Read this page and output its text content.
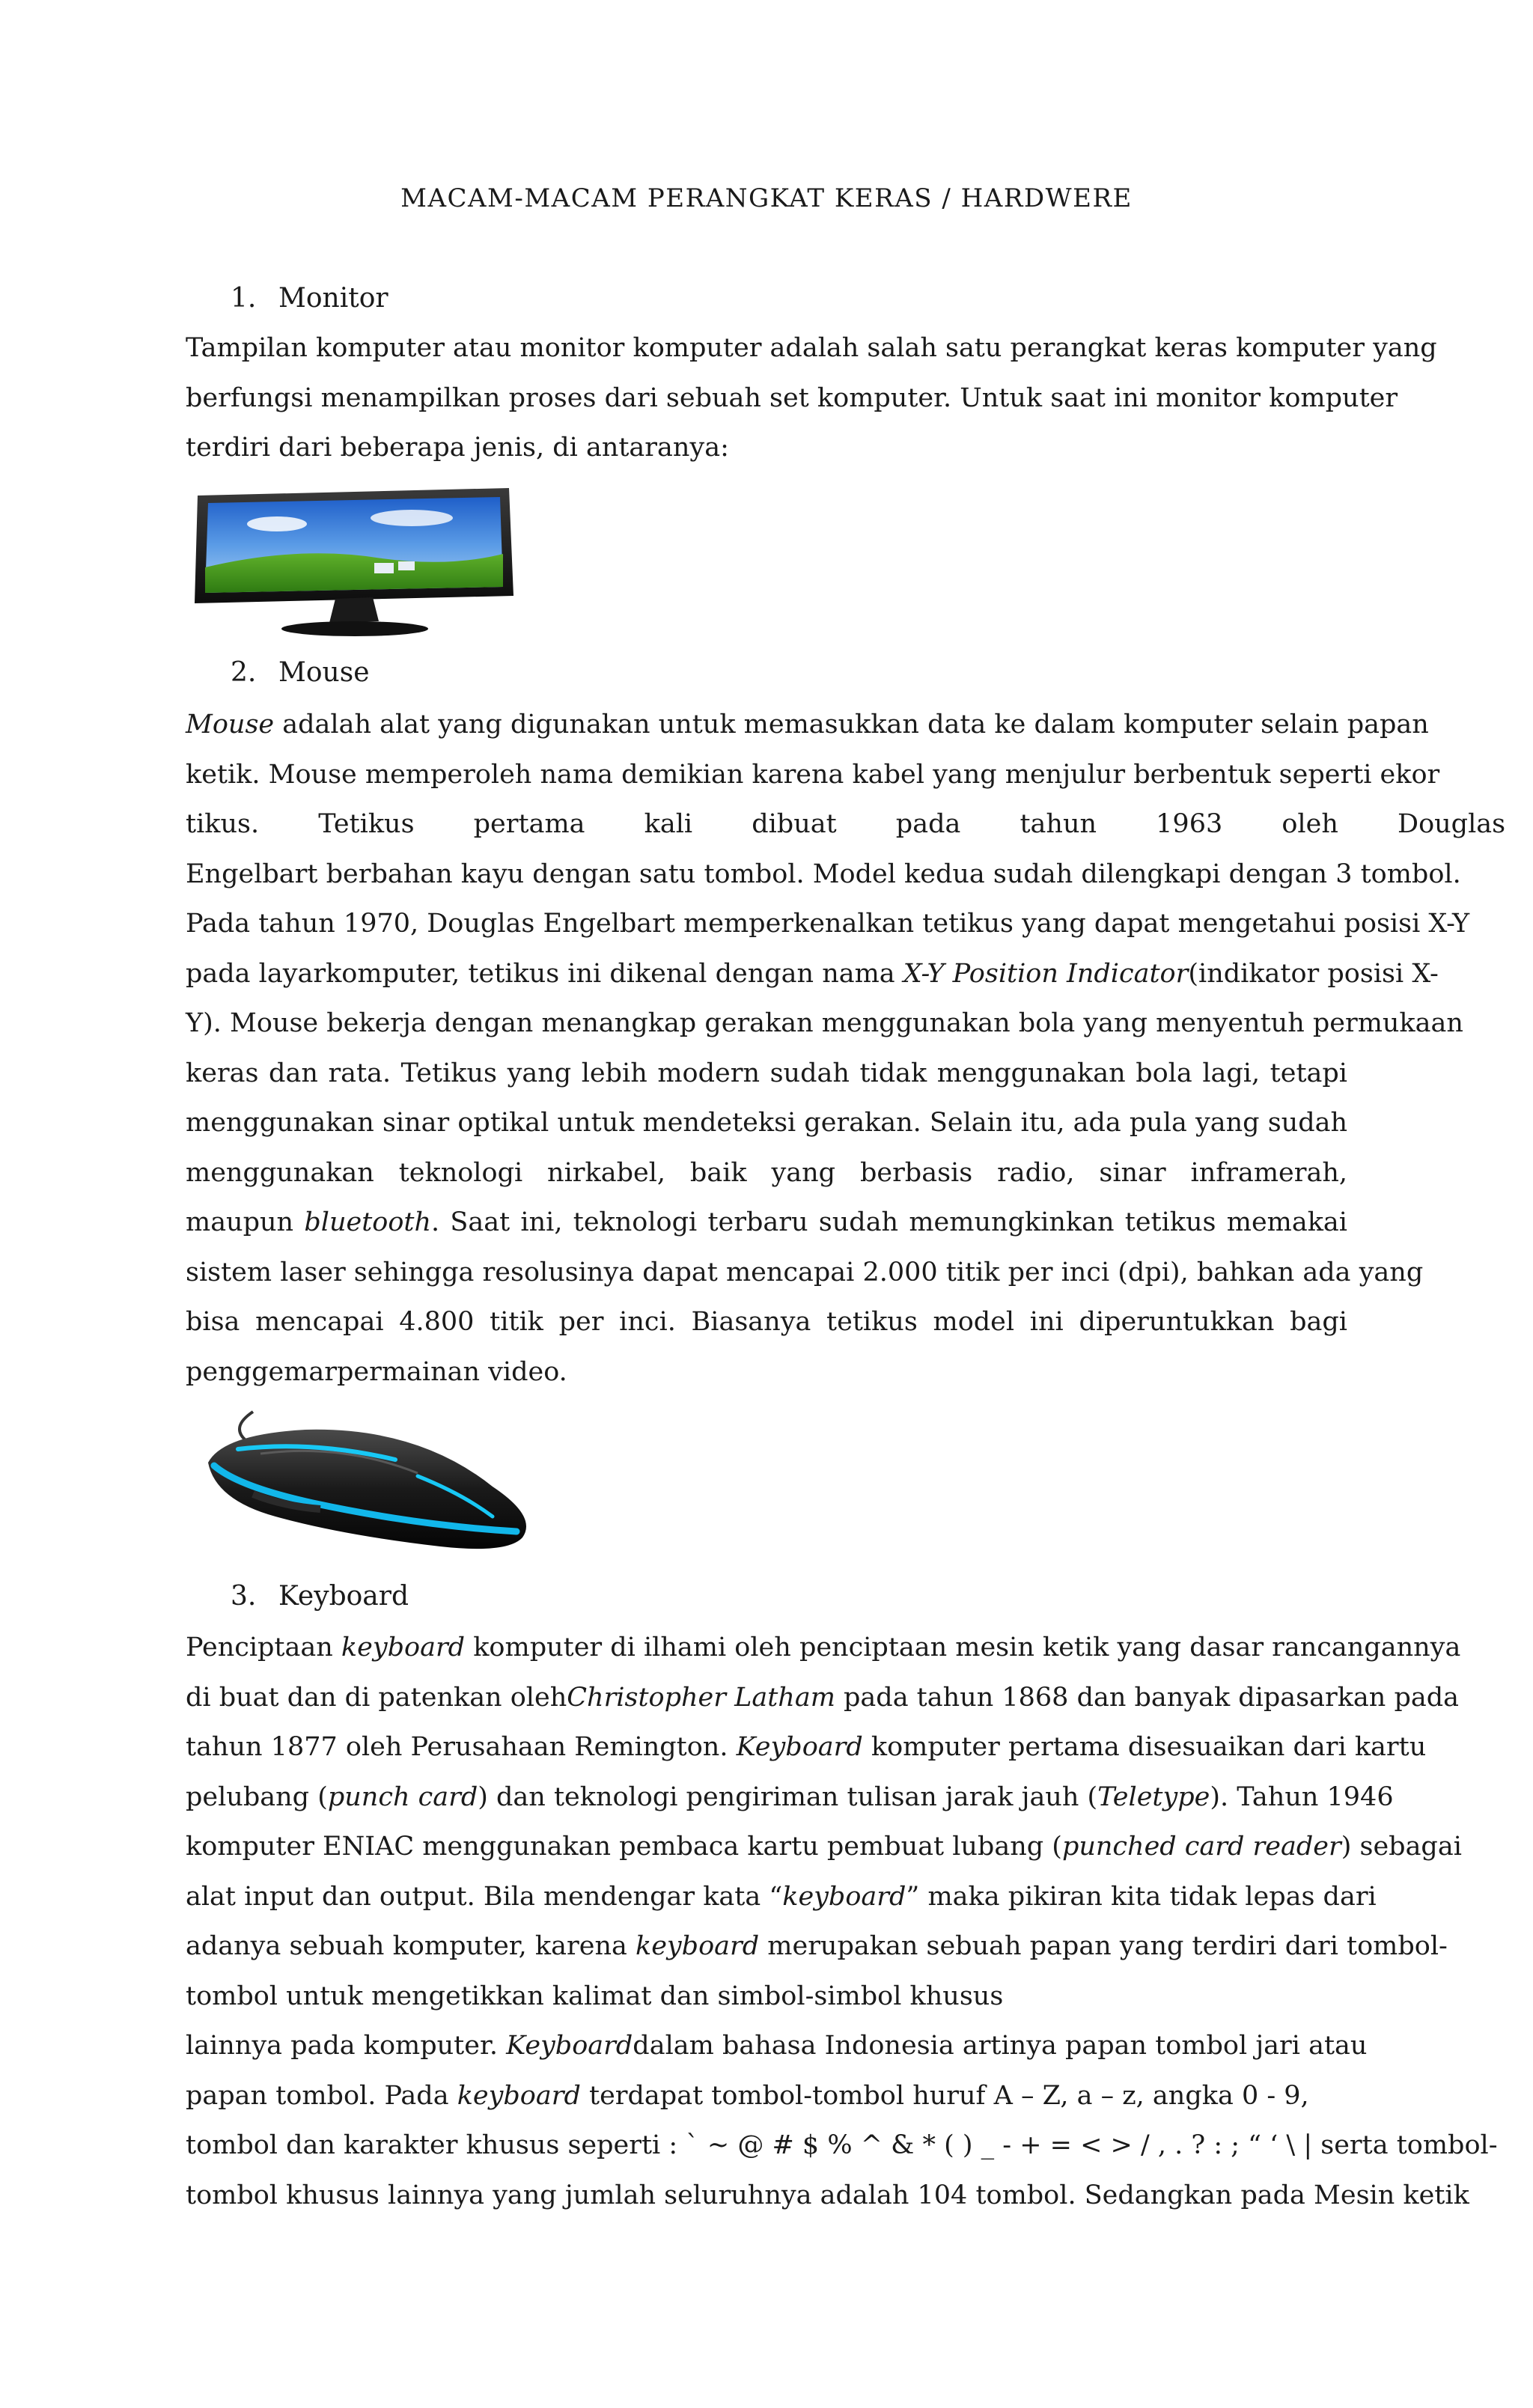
MACAM-MACAM PERANGKAT KERAS / HARDWERE
1. Monitor
Tampilan komputer atau monitor komputer adalah salah satu perangkat keras komputer yang
berfungsi menampilkan proses dari sebuah set komputer. Untuk saat ini monitor komputer
terdiri dari beberapa jenis, di antaranya:
2. Mouse
Mouse adalah alat yang digunakan untuk memasukkan data ke dalam komputer selain papan
ketik. Mouse memperoleh nama demikian karena kabel yang menjulur berbentuk seperti ekor
tikus. Tetikus pertama kali dibuat pada tahun 1963 oleh Douglas
Engelbart berbahan kayu dengan satu tombol. Model kedua sudah dilengkapi dengan 3 tombol.
Pada tahun 1970, Douglas Engelbart memperkenalkan tetikus yang dapat mengetahui posisi X-Y
pada layarkomputer, tetikus ini dikenal dengan nama X-Y Position Indicator(indikator posisi X-
Y). Mouse bekerja dengan menangkap gerakan menggunakan bola yang menyentuh permukaan
keras dan rata. Tetikus yang lebih modern sudah tidak menggunakan bola lagi, tetapi
menggunakan sinar optikal untuk mendeteksi gerakan. Selain itu, ada pula yang sudah
menggunakan teknologi nirkabel, baik yang berbasis radio, sinar inframerah,
maupun bluetooth. Saat ini, teknologi terbaru sudah memungkinkan tetikus memakai
sistem laser sehingga resolusinya dapat mencapai 2.000 titik per inci (dpi), bahkan ada yang
bisa mencapai 4.800 titik per inci. Biasanya tetikus model ini diperuntukkan bagi
penggemarpermainan video.
3. Keyboard
Penciptaan keyboard komputer di ilhami oleh penciptaan mesin ketik yang dasar rancangannya
di buat dan di patenkan olehChristopher Latham pada tahun 1868 dan banyak dipasarkan pada
tahun 1877 oleh Perusahaan Remington. Keyboard komputer pertama disesuaikan dari kartu
pelubang (punch card) dan teknologi pengiriman tulisan jarak jauh (Teletype). Tahun 1946
komputer ENIAC menggunakan pembaca kartu pembuat lubang (punched card reader) sebagai
alat input dan output. Bila mendengar kata “keyboard” maka pikiran kita tidak lepas dari
adanya sebuah komputer, karena keyboard merupakan sebuah papan yang terdiri dari tombol-
tombol untuk mengetikkan kalimat dan simbol-simbol khusus
lainnya pada komputer. Keyboarddalam bahasa Indonesia artinya papan tombol jari atau
papan tombol. Pada keyboard terdapat tombol-tombol huruf A – Z, a – z, angka 0 - 9,
tombol dan karakter khusus seperti : ` ~ @ # $ % ^ & * ( ) _ - + = < > / , . ? : ; “ ‘ \ | serta tombol-
tombol khusus lainnya yang jumlah seluruhnya adalah 104 tombol. Sedangkan pada Mesin ketik
